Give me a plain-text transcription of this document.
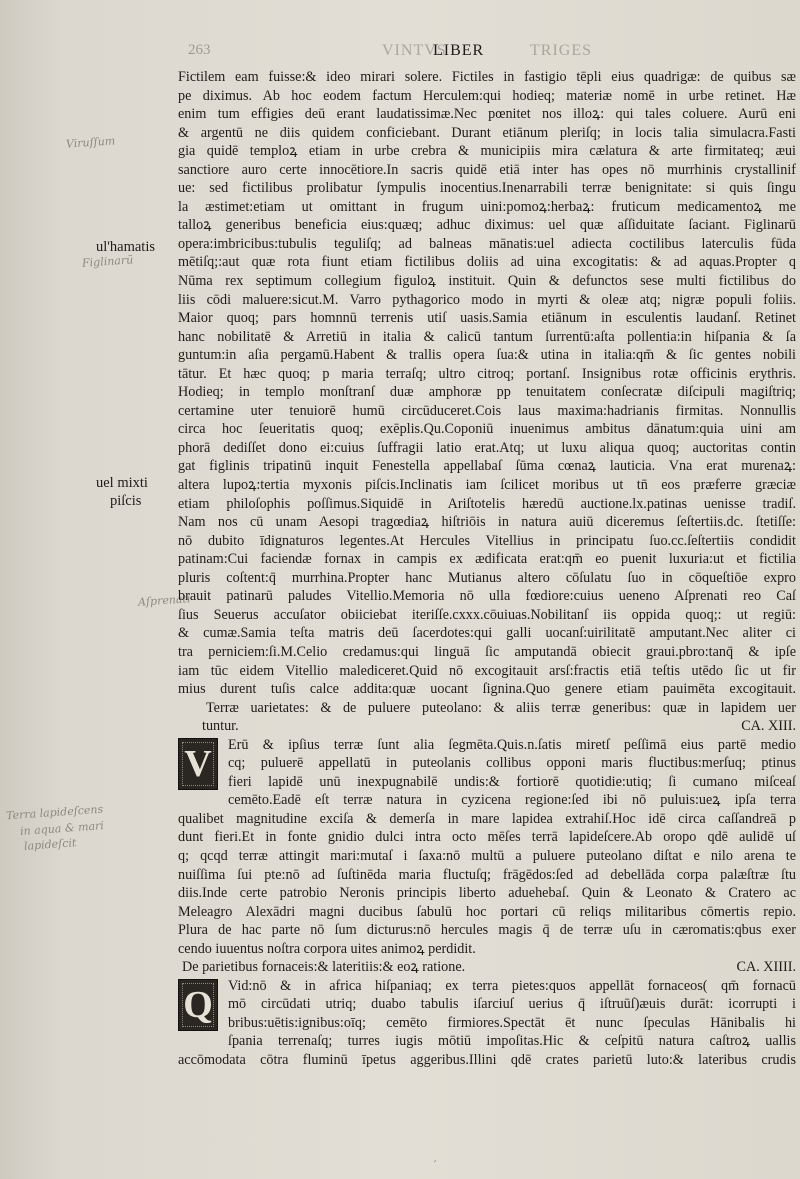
263	VINTVS
LIBER	TRIGES
ul'hamatis
uel mixti
piſcis
Viruſſum
Figlinarū
Aſprenati
Terra lapideſcens
in aqua & mari
lapideſcit
Fictilem eam fuisse:& ideo mirari solere. Fictiles in fastigio tēpli eius quadrigæ: de quibus sæ
pe diximus. Ab hoc eodem factum Herculem:qui hodieq; materiæ nomē in urbe retinet. Hæ
enim tum effigies deū erant laudatissimæ.Nec pœnitet nos illoꝝ: qui tales coluere. Aurū eni
& argentū ne diis quidem conficiebant. Durant etiānum pleriſq; in locis talia simulacra.Fasti
gia quidē temploꝝ etiam in urbe crebra & municipiis mira cælatura & arte firmitateq; æui
sanctiore auro certe innocētiore.In sacris quidē etiā inter has opes nō murrhinis crystallinif
ue: sed fictilibus prolibatur ſympulis inocentius.Inenarrabili terræ benignitate: si quis ſingu
la æstimet:etiam ut omittant in frugum uini:pomoꝝ:herbaꝝ: fruticum medicamentoꝝ me
talloꝝ generibus beneficia eius:quæq; adhuc diximus: uel quæ aſſiduitate ſaciant. Figlinarū
opera:imbricibus:tubulis teguliſq; ad balneas mānatis:uel adiecta coctilibus laterculis fūda
mētiſq;:aut quæ rota fiunt etiam fictilibus doliis ad uina excogitatis: & ad aquas.Propter q
Nūma rex septimum collegium figuloꝝ instituit. Quin & defunctos sese multi fictilibus do
liis cōdi maluere:sicut.M. Varro pythagorico modo in myrti & oleæ atq; nigræ populi foliis.
Maior quoq; pars homnnū terrenis utiſ uasis.Samia etiānum in esculentis laudanſ. Retinet
hanc nobilitatē & Arretiū in italia & calicū tantum ſurrentū:aſta pollentia:in hiſpania & ſa
guntum:in aſia pergamū.Habent & trallis opera ſua:& utina in italia:qm̄ & ſic gentes nobili
tātur. Et hæc quoq; p maria terraſq; ultro citroq; portanſ. Insignibus rotæ officinis erythris.
Hodieq; in templo monſtranſ duæ amphoræ pp tenuitatem conſecratæ diſcipuli magiſtriq;
certamine uter tenuiorē humū circūduceret.Cois laus maxima:hadrianis firmitas. Nonnullis
circa hoc ſeueritatis quoq; exēplis.Qu.Coponiū inuenimus ambitus dānatum:quia uini am
phorā dediſſet dono ei:cuius ſuffragii latio erat.Atq; ut luxu aliqua quoq; auctoritas contin
gat figlinis tripatinū inquit Fenestella appellabaſ ſūma cœnaꝝ lauticia. Vna erat murenaꝝ:
altera lupoꝝ:tertia myxonis piſcis.Inclinatis iam ſcilicet moribus ut tn̄ eos præferre græciæ
etiam philoſophis poſſimus.Siquidē in Ariſtotelis hæredū auctione.lx.patinas uenisse tradiſ.
Nam nos cū unam Aesopi tragœdiaꝝ hiſtriōis in natura auiū diceremus ſeſtertiis.dc. ſtetiſſe:
nō dubito īdignaturos legentes.At Hercules Vitellius in principatu ſuo.cc.ſeſtertiis condidit
patinam:Cui faciendæ fornax in campis ex ædificata erat:qm̄ eo puenit luxuria:ut et fictilia
pluris coſtent:q̄ murrhina.Propter hanc Mutianus altero cōſulatu ſuo in cōqueſtiōe expro
brauit patinarū paludes Vitellio.Memoria nō ulla fœdiore:cuius ueneno Aſprenati reo Caſ
ſius Seuerus accuſator obiiciebat iteriſſe.cxxx.cōuiuas.Nobilitanſ iis oppida quoq;: ut regiū:
& cumæ.Samia teſta matris deū ſacerdotes:qui galli uocanſ:uirilitatē amputant.Nec aliter ci
tra perniciem:ſi.M.Celio credamus:qui linguā ſic amputandā obiecit graui.pbro:tanq̄ & ipſe
iam tūc eidem Vitellio malediceret.Quid nō excogitauit arsſ:fractis etiā teſtis utēdo ſic ut fir
mius durent tuſis calce addita:quæ uocant ſignina.Quo genere etiam pauimēta excogitauit.
Terræ uarietates: & de puluere puteolano: & aliis terræ generibus: quæ in lapidem uer
tuntur.	CA. XIII.
V	Erū & ipſius terræ ſunt alia ſegmēta.Quis.n.ſatis miretſ peſſimā eius partē medio
cq; puluerē appellatū in puteolanis collibus opponi maris fluctibus:merſuq; ptinus
fieri lapidē unū inexpugnabilē undis:& fortiorē quotidie:utiq; ſi cumano miſceaſ
cemēto.Eadē eſt terræ natura in cyzicena regione:ſed ibi nō puluis:ueꝝ ipſa terra
qualibet magnitudine exciſa & demerſa in mare lapidea extrahiſ.Hoc idē circa caſſandreā p
dunt fieri.Et in fonte gnidio dulci intra octo mēſes terrā lapideſcere.Ab oropo qdē aulidē uſ
q; qcqd terræ attingit mari:mutaſ i ſaxa:nō multū a puluere puteolano diſtat e nilo arena te
nuiſſima ſui pte:nō ad ſuſtinēda maria fluctuſq; frāgēdos:ſed ad debellāda corpa palæſtræ ſtu
diis.Inde certe patrobio Neronis principis liberto aduehebaſ. Quin & Leonato & Cratero ac
Meleagro Alexādri magni ducibus ſabulū hoc portari cū reliqs militaribus cōmertis repio.
Plura de hac parte nō ſum dicturus:nō hercules magis q̄ de terræ uſu in cæromatis:qbus exer
cendo iuuentus noſtra corpora uites animoꝝ perdidit.
De parietibus fornaceis:& lateritiis:& eoꝝ ratione.	CA. XIIII.
Q	Vid:nō & in africa hiſpaniaq; ex terra pietes:quos appellāt fornaceos( qm̄ fornacū
mō circūdati utriq; duabo tabulis iſarciuſ uerius q̄ iſtruūſ)æuis durāt: icorrupti i
bribus:uētis:ignibus:oīq; cemēto firmiores.Spectāt ēt nunc ſpeculas Hānibalis hi
ſpania terrenaſq; turres iugis mōtiū impoſitas.Hic & ceſpitū natura caſtroꝝ uallis
accōmodata cōtra fluminū īpetus aggeribus.Illini qdē crates parietū luto:& lateribus crudis
′
